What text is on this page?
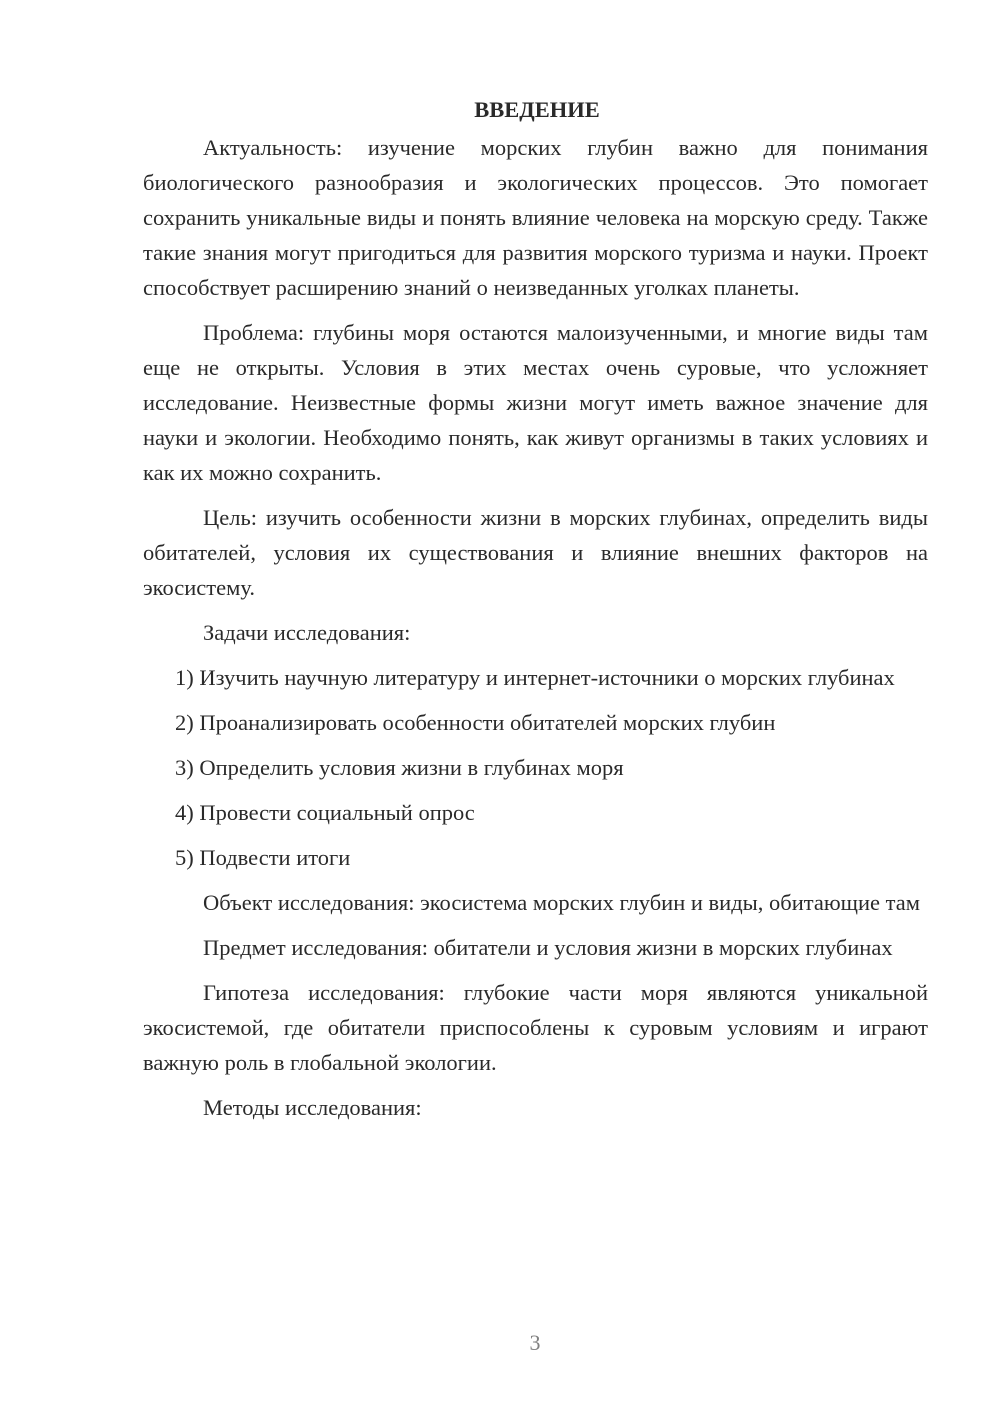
ВВЕДЕНИЕ

Актуальность: изучение морских глубин важно для понимания биологического разнообразия и экологических процессов. Это помогает сохранить уникальные виды и понять влияние человека на морскую среду. Также такие знания могут пригодиться для развития морского туризма и науки. Проект способствует расширению знаний о неизведанных уголках планеты.

Проблема: глубины моря остаются малоизученными, и многие виды там еще не открыты. Условия в этих местах очень суровые, что усложняет исследование. Неизвестные формы жизни могут иметь важное значение для науки и экологии. Необходимо понять, как живут организмы в таких условиях и как их можно сохранить.

Цель: изучить особенности жизни в морских глубинах, определить виды обитателей, условия их существования и влияние внешних факторов на экосистему.

Задачи исследования:

1) Изучить научную литературу и интернет-источники о морских глубинах

2) Проанализировать особенности обитателей морских глубин

3) Определить условия жизни в глубинах моря

4) Провести социальный опрос

5) Подвести итоги

Объект исследования: экосистема морских глубин и виды, обитающие там

Предмет исследования: обитатели и условия жизни в морских глубинах

Гипотеза исследования: глубокие части моря являются уникальной экосистемой, где обитатели приспособлены к суровым условиям и играют важную роль в глобальной экологии.

Методы исследования:

3
